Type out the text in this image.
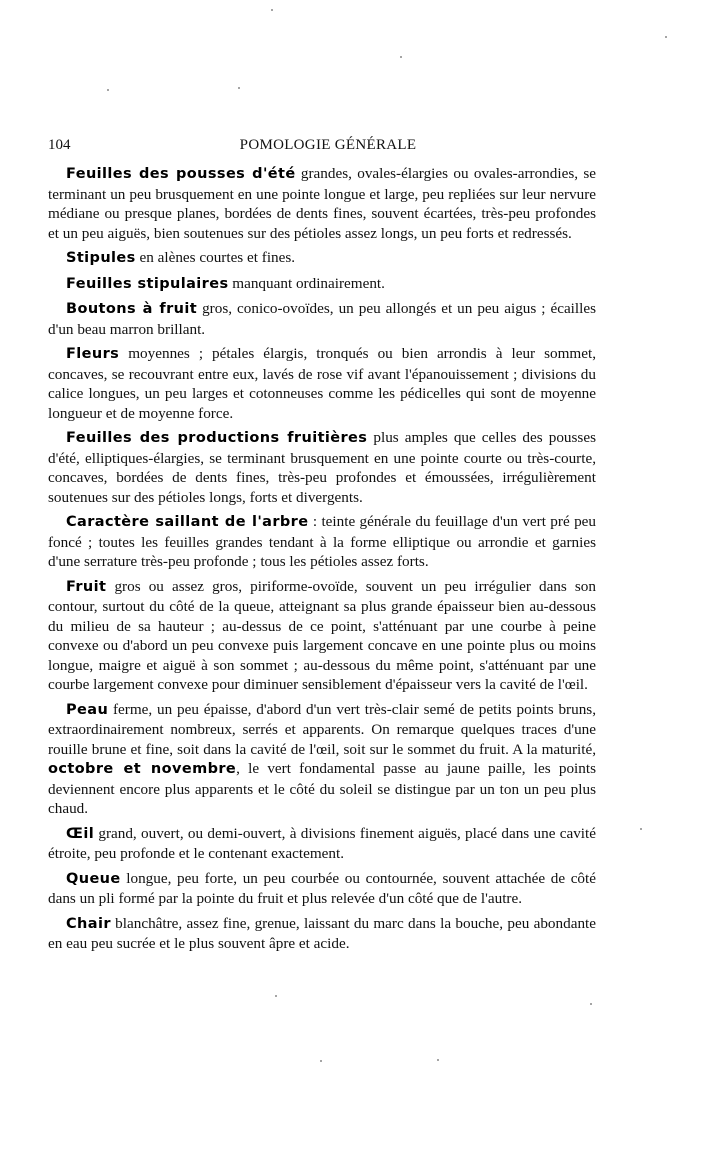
104	POMOLOGIE GÉNÉRALE

Feuilles des pousses d'été grandes, ovales-élargies ou ovales-arrondies, se terminant un peu brusquement en une pointe longue et large, peu repliées sur leur nervure médiane ou presque planes, bordées de dents fines, souvent écartées, très-peu profondes et un peu aiguës, bien soutenues sur des pétioles assez longs, un peu forts et redressés.

Stipules en alènes courtes et fines.

Feuilles stipulaires manquant ordinairement.

Boutons à fruit gros, conico-ovoïdes, un peu allongés et un peu aigus ; écailles d'un beau marron brillant.

Fleurs moyennes ; pétales élargis, tronqués ou bien arrondis à leur sommet, concaves, se recouvrant entre eux, lavés de rose vif avant l'épanouissement ; divisions du calice longues, un peu larges et cotonneuses comme les pédicelles qui sont de moyenne longueur et de moyenne force.

Feuilles des productions fruitières plus amples que celles des pousses d'été, elliptiques-élargies, se terminant brusquement en une pointe courte ou très-courte, concaves, bordées de dents fines, très-peu profondes et émoussées, irrégulièrement soutenues sur des pétioles longs, forts et divergents.

Caractère saillant de l'arbre : teinte générale du feuillage d'un vert pré peu foncé ; toutes les feuilles grandes tendant à la forme elliptique ou arrondie et garnies d'une serrature très-peu profonde ; tous les pétioles assez forts.

Fruit gros ou assez gros, piriforme-ovoïde, souvent un peu irrégulier dans son contour, surtout du côté de la queue, atteignant sa plus grande épaisseur bien au-dessous du milieu de sa hauteur ; au-dessus de ce point, s'atténuant par une courbe à peine convexe ou d'abord un peu convexe puis largement concave en une pointe plus ou moins longue, maigre et aiguë à son sommet ; au-dessous du même point, s'atténuant par une courbe largement convexe pour diminuer sensiblement d'épaisseur vers la cavité de l'œil.

Peau ferme, un peu épaisse, d'abord d'un vert très-clair semé de petits points bruns, extraordinairement nombreux, serrés et apparents. On remarque quelques traces d'une rouille brune et fine, soit dans la cavité de l'œil, soit sur le sommet du fruit. A la maturité, octobre et novembre, le vert fondamental passe au jaune paille, les points deviennent encore plus apparents et le côté du soleil se distingue par un ton un peu plus chaud.

Œil grand, ouvert, ou demi-ouvert, à divisions finement aiguës, placé dans une cavité étroite, peu profonde et le contenant exactement.

Queue longue, peu forte, un peu courbée ou contournée, souvent attachée de côté dans un pli formé par la pointe du fruit et plus relevée d'un côté que de l'autre.

Chair blanchâtre, assez fine, grenue, laissant du marc dans la bouche, peu abondante en eau peu sucrée et le plus souvent âpre et acide.
